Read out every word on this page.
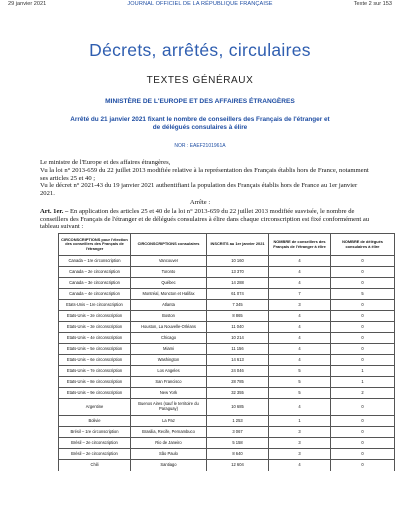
29 janvier 2021	JOURNAL OFFICIEL DE LA RÉPUBLIQUE FRANÇAISE	Texte 2 sur 153
Décrets, arrêtés, circulaires
TEXTES GÉNÉRAUX
MINISTÈRE DE L'EUROPE ET DES AFFAIRES ÉTRANGÈRES
Arrêté du 21 janvier 2021 fixant le nombre de conseillers des Français de l'étranger et de délégués consulaires à élire
NOR : EAEF2101961A

Le ministre de l'Europe et des affaires étrangères,

Vu la loi n° 2013-659 du 22 juillet 2013 modifiée relative à la représentation des Français établis hors de France, notamment ses articles 25 et 40 ;

Vu le décret n° 2021-43 du 19 janvier 2021 authentifiant la population des Français établis hors de France au 1er janvier 2021.

Arrête :

Art. 1er. – En application des articles 25 et 40 de la loi n° 2013-659 du 22 juillet 2013 modifiée susvisée, le nombre de conseillers des Français de l'étranger et de délégués consulaires à élire dans chaque circonscription est fixé conformément au tableau suivant :

CIRCONSCRIPTIONS pour l'élection des conseillers des Français de l'étranger	CIRCONSCRIPTIONS consulaires	INSCRITS au 1er janvier 2021	NOMBRE de conseillers des Français de l'étranger à élire	NOMBRE de délégués consulaires à élire
Canada – 1re circonscription	Vancouver	10 160	4	0
Canada – 2e circonscription	Toronto	13 370	4	0
Canada – 3e circonscription	Québec	14 288	4	0
Canada – 4e circonscription	Montréal, Moncton et Halifax	61 074	7	5
Etats-Unis – 1re circonscription	Atlanta	7 345	3	0
Etats-Unis – 2e circonscription	Boston	8 865	4	0
Etats-Unis – 3e circonscription	Houston, La Nouvelle-Orléans	11 040	4	0
Etats-Unis – 4e circonscription	Chicago	10 214	4	0
Etats-Unis – 5e circonscription	Miami	11 156	4	0
Etats-Unis – 6e circonscription	Washington	14 613	4	0
Etats-Unis – 7e circonscription	Los Angeles	24 046	5	1
Etats-Unis – 8e circonscription	San Francisco	28 785	5	1
Etats-Unis – 9e circonscription	New York	32 355	5	2
Argentine	Buenos Aires (sauf le territoire du Paraguay)	10 685	4	0
Bolivie	La Paz	1 253	1	0
Brésil – 1re circonscription	Brasilia, Recife, Pernambuco	3 067	3	0
Brésil – 2e circonscription	Rio de Janeiro	5 158	3	0
Brésil – 2e circonscription	São Paulo	8 640	3	0
Chili	Santiago	12 604	4	0
